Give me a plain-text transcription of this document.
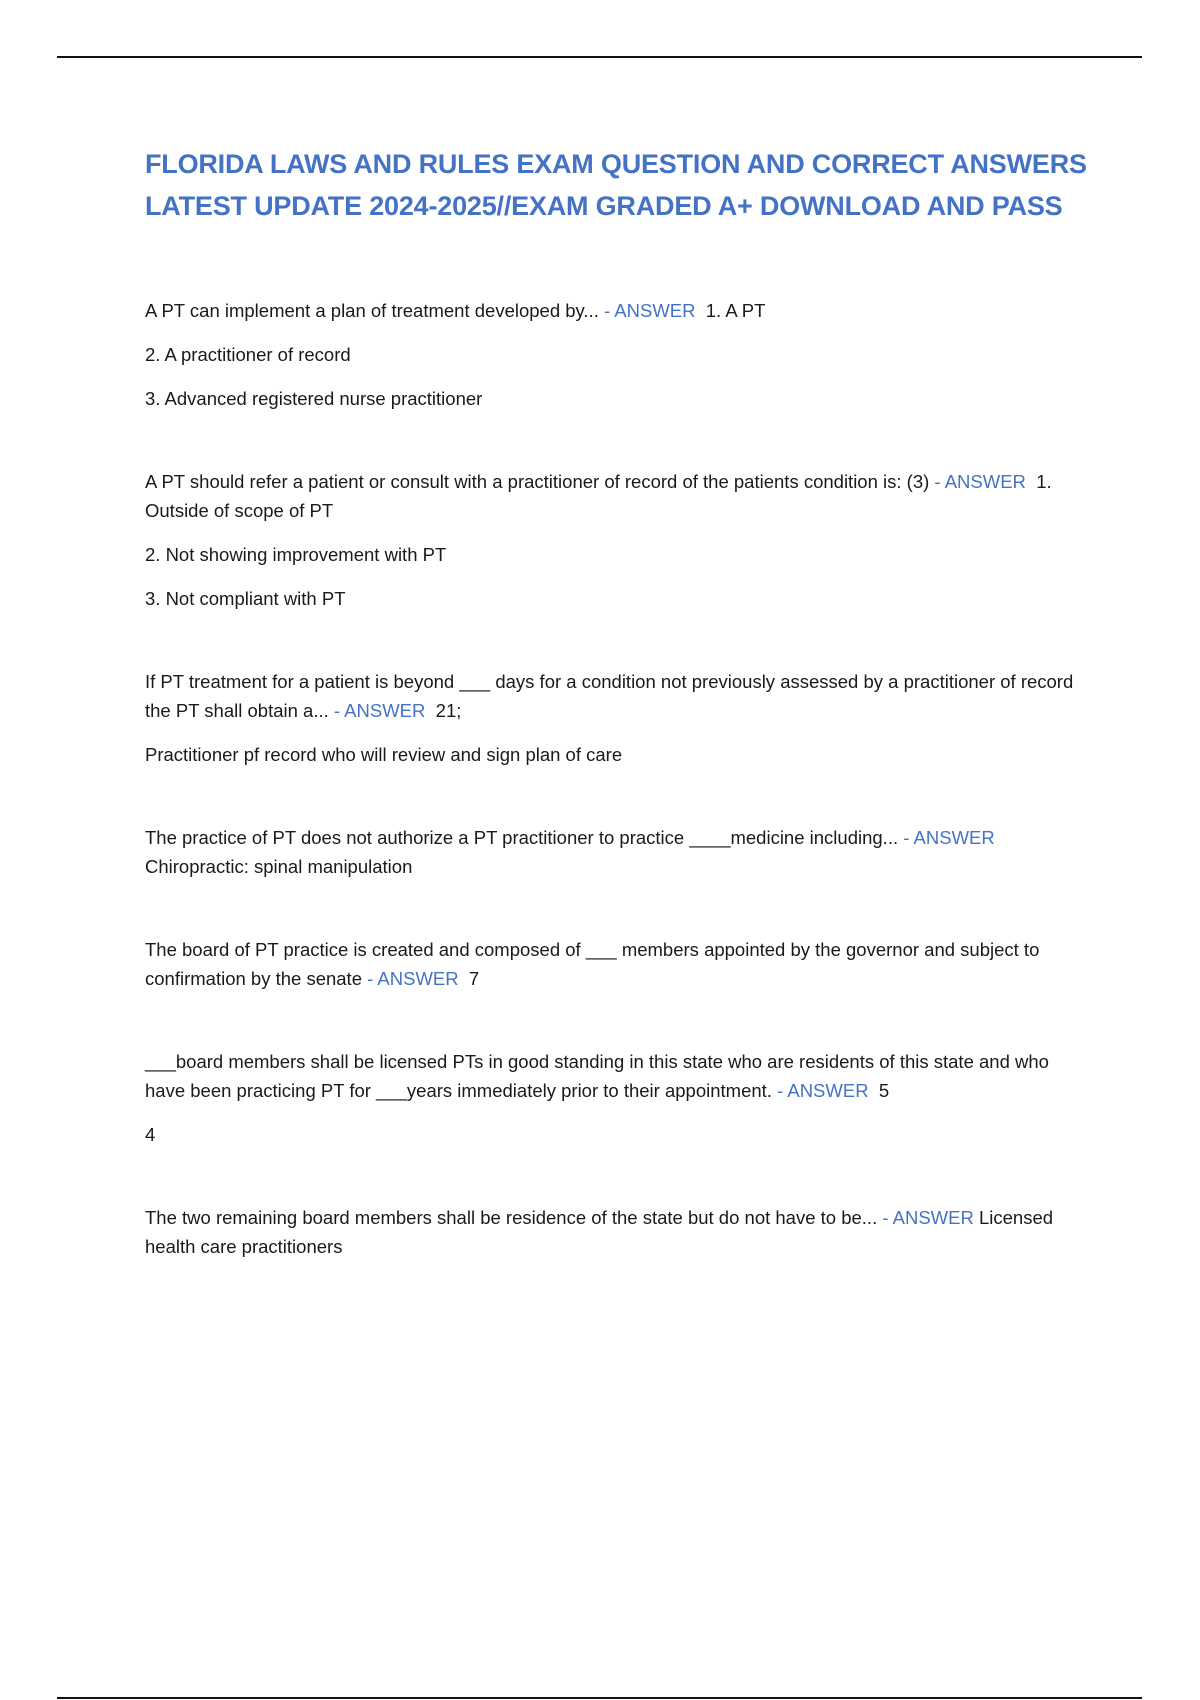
FLORIDA LAWS AND RULES EXAM QUESTION AND CORRECT ANSWERS LATEST UPDATE 2024-2025//EXAM GRADED A+ DOWNLOAD AND PASS

A PT can implement a plan of treatment developed by... - ANSWER 1. A PT

2. A practitioner of record

3. Advanced registered nurse practitioner

A PT should refer a patient or consult with a practitioner of record of the patients condition is: (3) - ANSWER 1. Outside of scope of PT

2. Not showing improvement with PT

3. Not compliant with PT

If PT treatment for a patient is beyond ___ days for a condition not previously assessed by a practitioner of record the PT shall obtain a... - ANSWER 21;

Practitioner pf record who will review and sign plan of care

The practice of PT does not authorize a PT practitioner to practice ____medicine including... - ANSWER Chiropractic: spinal manipulation

The board of PT practice is created and composed of ___ members appointed by the governor and subject to confirmation by the senate - ANSWER 7

___board members shall be licensed PTs in good standing in this state who are residents of this state and who have been practicing PT for ___years immediately prior to their appointment. - ANSWER 5

4

The two remaining board members shall be residence of the state but do not have to be... - ANSWER Licensed health care practitioners
